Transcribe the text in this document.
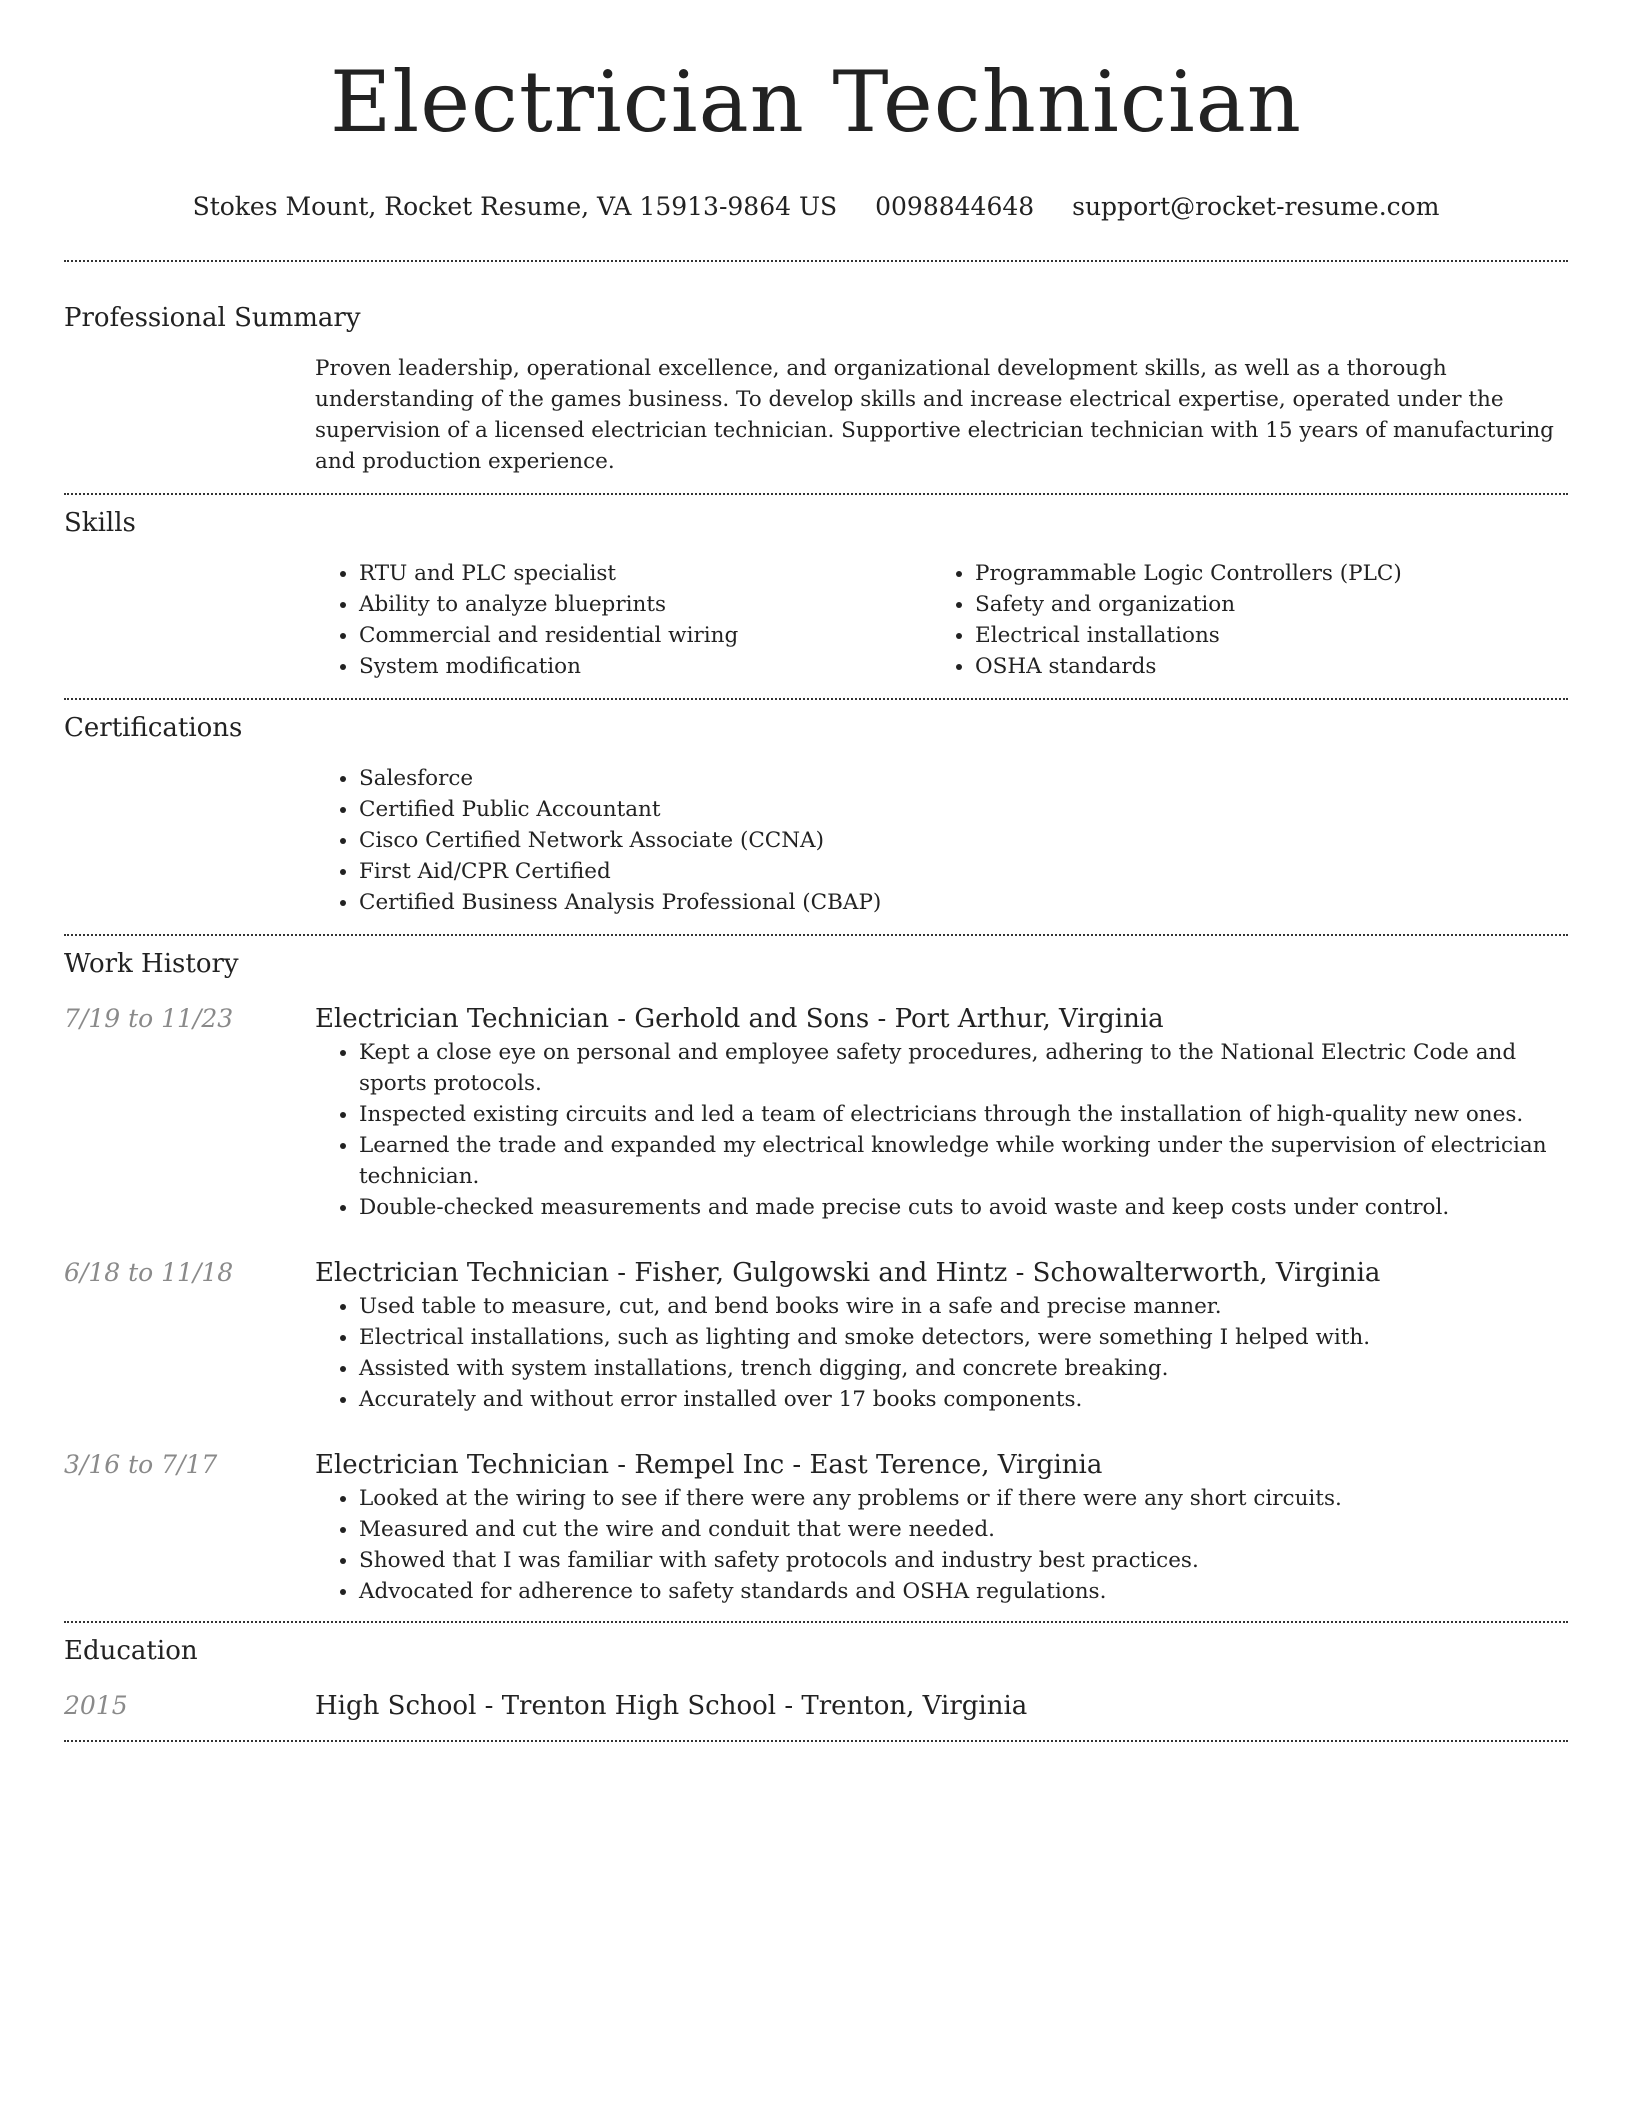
Electrician Technician
Stokes Mount, Rocket Resume, VA 15913-9864 US 0098844648 support@rocket-resume.com
Professional Summary
Proven leadership, operational excellence, and organizational development skills, as well as a thorough understanding of the games business. To develop skills and increase electrical expertise, operated under the supervision of a licensed electrician technician. Supportive electrician technician with 15 years of manufacturing and production experience.
Skills
• RTU and PLC specialist
• Ability to analyze blueprints
• Commercial and residential wiring
• System modification
• Programmable Logic Controllers (PLC)
• Safety and organization
• Electrical installations
• OSHA standards
Certifications
• Salesforce
• Certified Public Accountant
• Cisco Certified Network Associate (CCNA)
• First Aid/CPR Certified
• Certified Business Analysis Professional (CBAP)
Work History
7/19 to 11/23	Electrician Technician - Gerhold and Sons - Port Arthur, Virginia
• Kept a close eye on personal and employee safety procedures, adhering to the National Electric Code and sports protocols.
• Inspected existing circuits and led a team of electricians through the installation of high-quality new ones.
• Learned the trade and expanded my electrical knowledge while working under the supervision of electrician technician.
• Double-checked measurements and made precise cuts to avoid waste and keep costs under control.
6/18 to 11/18	Electrician Technician - Fisher, Gulgowski and Hintz - Schowalterworth, Virginia
• Used table to measure, cut, and bend books wire in a safe and precise manner.
• Electrical installations, such as lighting and smoke detectors, were something I helped with.
• Assisted with system installations, trench digging, and concrete breaking.
• Accurately and without error installed over 17 books components.
3/16 to 7/17	Electrician Technician - Rempel Inc - East Terence, Virginia
• Looked at the wiring to see if there were any problems or if there were any short circuits.
• Measured and cut the wire and conduit that were needed.
• Showed that I was familiar with safety protocols and industry best practices.
• Advocated for adherence to safety standards and OSHA regulations.
Education
2015	High School - Trenton High School - Trenton, Virginia
